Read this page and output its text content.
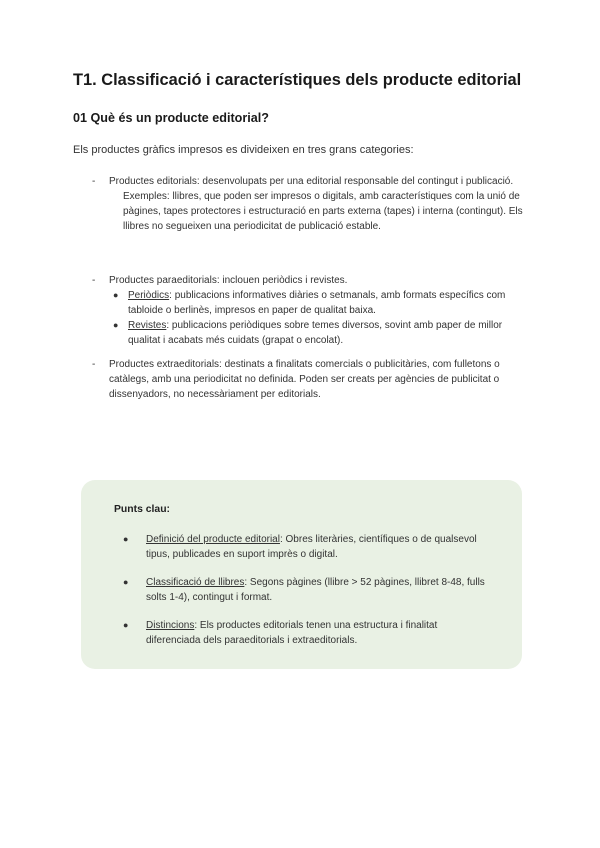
T1. Classificació i característiques dels producte editorial
01 Què és un producte editorial?

Els productes gràfics impresos es divideixen en tres grans categories:

-	Productes editorials: desenvolupats per una editorial responsable del contingut i publicació.
Exemples: llibres, que poden ser impresos o digitals, amb característiques com la unió de pàgines, tapes protectores i estructuració en parts externa (tapes) i interna (contingut). Els llibres no segueixen una periodicitat de publicació estable.
-	Productes paraeditorials: inclouen periòdics i revistes.
● Periòdics: publicacions informatives diàries o setmanals, amb formats específics com tabloide o berlinès, impresos en paper de qualitat baixa.
● Revistes: publicacions periòdiques sobre temes diversos, sovint amb paper de millor qualitat i acabats més cuidats (grapat o encolat).
-	Productes extraeditorials: destinats a finalitats comercials o publicitàries, com fulletons o catàlegs, amb una periodicitat no definida. Poden ser creats per agències de publicitat o dissenyadors, no necessàriament per editorials.

Punts clau:

● Definició del producte editorial: Obres literàries, científiques o de qualsevol tipus, publicades en suport imprès o digital.
● Classificació de llibres: Segons pàgines (llibre > 52 pàgines, llibret 8-48, fulls solts 1-4), contingut i format.
● Distincions: Els productes editorials tenen una estructura i finalitat diferenciada dels paraeditorials i extraeditorials.
